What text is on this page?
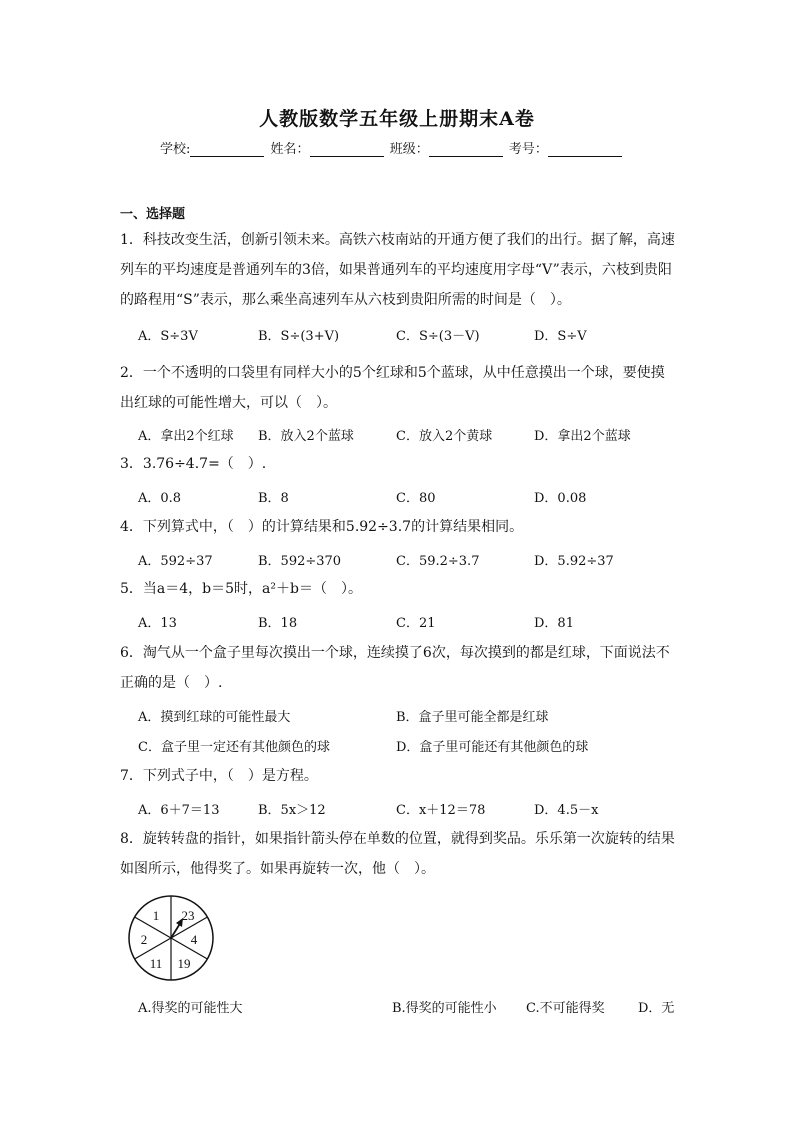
人教版数学五年级上册期末A卷
学校:	姓名：	班级：	考号：
一、选择题
1．科技改变生活，创新引领未来。高铁六枝南站的开通方便了我们的出行。据了解，高速
列车的平均速度是普通列车的3倍，如果普通列车的平均速度用字母“V”表示，六枝到贵阳
的路程用“S”表示，那么乘坐高速列车从六枝到贵阳所需的时间是（　）。
A．S÷3V	B．S÷(3+V)	C．S÷(3－V)	D．S÷V
2．一个不透明的口袋里有同样大小的5个红球和5个蓝球，从中任意摸出一个球，要使摸
出红球的可能性增大，可以（　）。
A．拿出2个红球 B．放入2个蓝球	C．放入2个黄球	D．拿出2个蓝球
3．3.76÷4.7=（　）.
A．0.8	B．8	C．80	D．0.08
4．下列算式中，（　）的计算结果和5.92÷3.7的计算结果相同。
A．592÷37	B．592÷370	C．59.2÷3.7	D．5.92÷37
5．当a＝4，b＝5时，a²＋b＝（　）。
A．13	B．18	C．21	D．81
6．淘气从一个盒子里每次摸出一个球，连续摸了6次，每次摸到的都是红球，下面说法不
正确的是（　）.
A．摸到红球的可能性最大	B．盒子里可能全都是红球
C．盒子里一定还有其他颜色的球	D．盒子里可能还有其他颜色的球
7．下列式子中，（　）是方程。
A．6＋7＝13	B．5x＞12	C．x＋12＝78	D．4.5－x
8．旋转转盘的指针，如果指针箭头停在单数的位置，就得到奖品。乐乐第一次旋转的结果
如图所示，他得奖了。如果再旋转一次，他（　）。
1 23
4
19
11
2
A.得奖的可能性大	B.得奖的可能性小 C.不可能得奖	D．无
